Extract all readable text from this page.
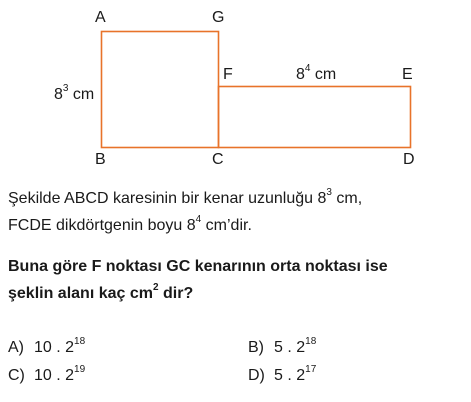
A	G
F	E
B	C	D
$8^3$ cm
$8^4$ cm
Şekilde ABCD karesinin bir kenar uzunluğu $8^3$ cm,
FCDE dikdörtgenin boyu $8^4$ cm’dir.
Buna göre F noktası GC kenarının orta noktası ise
şeklin alanı kaç $cm^2$ dir?
A) 10 . $2^{18}$	B) 5 . $2^{18}$
C) 10 . $2^{19}$	D) 5 . $2^{17}$
